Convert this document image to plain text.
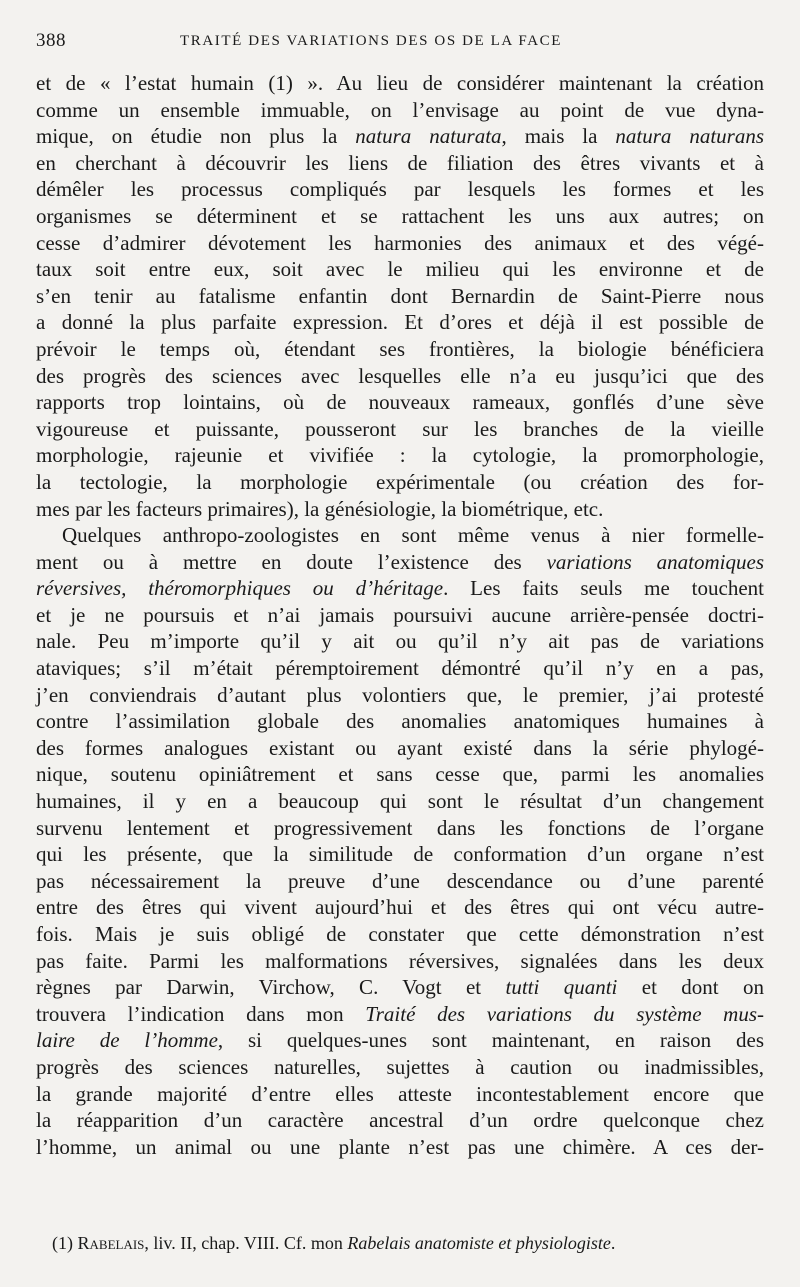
388	TRAITÉ DES VARIATIONS DES OS DE LA FACE
et de « l’estat humain (1) ». Au lieu de considérer maintenant la création
comme un ensemble immuable, on l’envisage au point de vue dyna-
mique, on étudie non plus la natura naturata, mais la natura naturans
en cherchant à découvrir les liens de filiation des êtres vivants et à
démêler les processus compliqués par lesquels les formes et les
organismes se déterminent et se rattachent les uns aux autres; on
cesse d’admirer dévotement les harmonies des animaux et des végé-
taux soit entre eux, soit avec le milieu qui les environne et de
s’en tenir au fatalisme enfantin dont Bernardin de Saint-Pierre nous
a donné la plus parfaite expression. Et d’ores et déjà il est possible de
prévoir le temps où, étendant ses frontières, la biologie bénéficiera
des progrès des sciences avec lesquelles elle n’a eu jusqu’ici que des
rapports trop lointains, où de nouveaux rameaux, gonflés d’une sève
vigoureuse et puissante, pousseront sur les branches de la vieille
morphologie, rajeunie et vivifiée : la cytologie, la promorphologie,
la tectologie, la morphologie expérimentale (ou création des for-
mes par les facteurs primaires), la génésiologie, la biométrique, etc.
Quelques anthropo-zoologistes en sont même venus à nier formelle-
ment ou à mettre en doute l’existence des variations anatomiques
réversives, théromorphiques ou d’héritage. Les faits seuls me touchent
et je ne poursuis et n’ai jamais poursuivi aucune arrière-pensée doctri-
nale. Peu m’importe qu’il y ait ou qu’il n’y ait pas de variations
ataviques; s’il m’était péremptoirement démontré qu’il n’y en a pas,
j’en conviendrais d’autant plus volontiers que, le premier, j’ai protesté
contre l’assimilation globale des anomalies anatomiques humaines à
des formes analogues existant ou ayant existé dans la série phylogé-
nique, soutenu opiniâtrement et sans cesse que, parmi les anomalies
humaines, il y en a beaucoup qui sont le résultat d’un changement
survenu lentement et progressivement dans les fonctions de l’organe
qui les présente, que la similitude de conformation d’un organe n’est
pas nécessairement la preuve d’une descendance ou d’une parenté
entre des êtres qui vivent aujourd’hui et des êtres qui ont vécu autre-
fois. Mais je suis obligé de constater que cette démonstration n’est
pas faite. Parmi les malformations réversives, signalées dans les deux
règnes par Darwin, Virchow, C. Vogt et tutti quanti et dont on
trouvera l’indication dans mon Traité des variations du système mus-
laire de l’homme, si quelques-unes sont maintenant, en raison des
progrès des sciences naturelles, sujettes à caution ou inadmissibles,
la grande majorité d’entre elles atteste incontestablement encore que
la réapparition d’un caractère ancestral d’un ordre quelconque chez
l’homme, un animal ou une plante n’est pas une chimère. A ces der-
(1) Rabelais, liv. II, chap. VIII. Cf. mon Rabelais anatomiste et physiologiste.
